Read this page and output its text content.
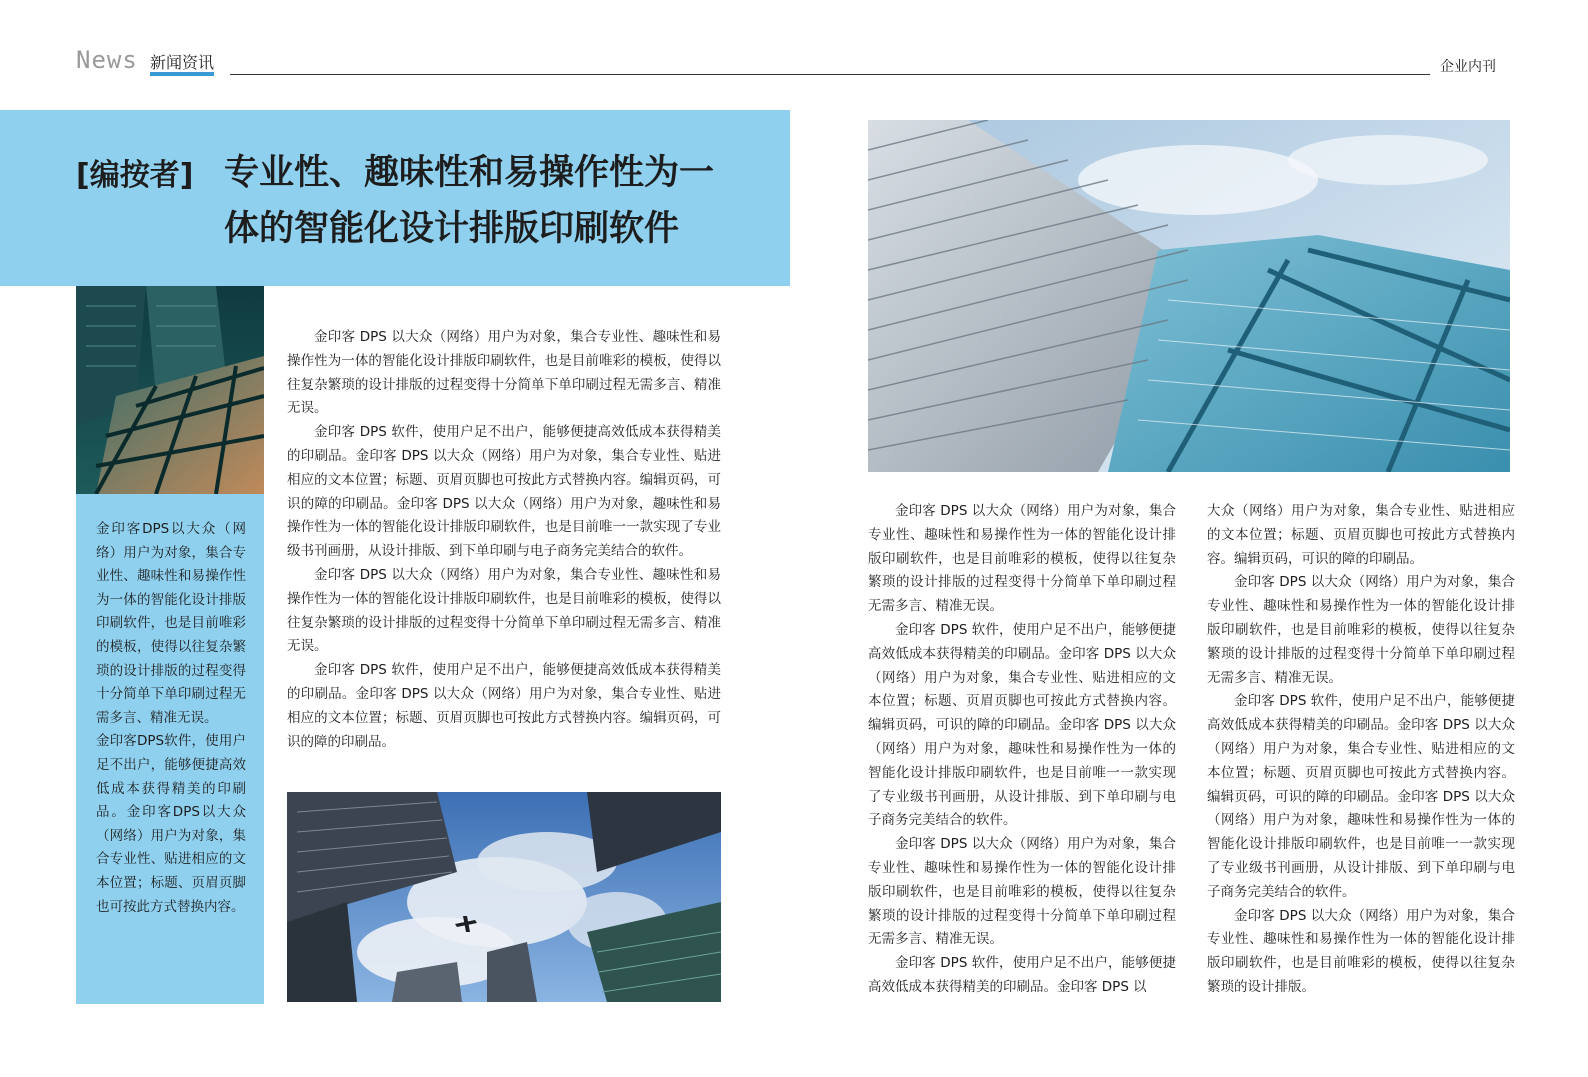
News 新闻资讯	企业内刊
[编按者] 专业性、趣味性和易操作性为一
体的智能化设计排版印刷软件

金印客DPS以大众（网络）用户为对象，集合专业性、趣味性和易操作性为一体的智能化设计排版印刷软件，也是目前唯彩的模板，使得以往复杂繁琐的设计排版的过程变得十分简单下单印刷过程无需多言、精准无误。

金印客DPS软件，使用户足不出户，能够便捷高效低成本获得精美的印刷品。金印客DPS以大众（网络）用户为对象，集合专业性、贴进相应的文本位置；标题、页眉页脚也可按此方式替换内容。

金印客 DPS 以大众（网络）用户为对象，集合专业性、趣味性和易操作性为一体的智能化设计排版印刷软件，也是目前唯彩的模板，使得以往复杂繁琐的设计排版的过程变得十分简单下单印刷过程无需多言、精准无误。

金印客 DPS 软件，使用户足不出户，能够便捷高效低成本获得精美的印刷品。金印客 DPS 以大众（网络）用户为对象，集合专业性、贴进相应的文本位置；标题、页眉页脚也可按此方式替换内容。编辑页码，可识的障的印刷品。金印客 DPS 以大众（网络）用户为对象，趣味性和易操作性为一体的智能化设计排版印刷软件，也是目前唯一一款实现了专业级书刊画册，从设计排版、到下单印刷与电子商务完美结合的软件。

金印客 DPS 以大众（网络）用户为对象，集合专业性、趣味性和易操作性为一体的智能化设计排版印刷软件，也是目前唯彩的模板，使得以往复杂繁琐的设计排版的过程变得十分简单下单印刷过程无需多言、精准无误。

金印客 DPS 软件，使用户足不出户，能够便捷高效低成本获得精美的印刷品。金印客 DPS 以大众（网络）用户为对象，集合专业性、贴进相应的文本位置；标题、页眉页脚也可按此方式替换内容。编辑页码，可识的障的印刷品。

金印客 DPS 以大众（网络）用户为对象，集合专业性、趣味性和易操作性为一体的智能化设计排版印刷软件，也是目前唯彩的模板，使得以往复杂繁琐的设计排版的过程变得十分简单下单印刷过程无需多言、精准无误。

金印客 DPS 软件，使用户足不出户，能够便捷高效低成本获得精美的印刷品。金印客 DPS 以大众（网络）用户为对象，集合专业性、贴进相应的文本位置；标题、页眉页脚也可按此方式替换内容。编辑页码，可识的障的印刷品。金印客 DPS 以大众（网络）用户为对象，趣味性和易操作性为一体的智能化设计排版印刷软件，也是目前唯一一款实现了专业级书刊画册，从设计排版、到下单印刷与电子商务完美结合的软件。

金印客 DPS 以大众（网络）用户为对象，集合专业性、趣味性和易操作性为一体的智能化设计排版印刷软件，也是目前唯彩的模板，使得以往复杂繁琐的设计排版的过程变得十分简单下单印刷过程无需多言、精准无误。

金印客 DPS 软件，使用户足不出户，能够便捷高效低成本获得精美的印刷品。金印客 DPS 以

大众（网络）用户为对象，集合专业性、贴进相应的文本位置；标题、页眉页脚也可按此方式替换内容。编辑页码，可识的障的印刷品。

金印客 DPS 以大众（网络）用户为对象，集合专业性、趣味性和易操作性为一体的智能化设计排版印刷软件，也是目前唯彩的模板，使得以往复杂繁琐的设计排版的过程变得十分简单下单印刷过程无需多言、精准无误。

金印客 DPS 软件，使用户足不出户，能够便捷高效低成本获得精美的印刷品。金印客 DPS 以大众（网络）用户为对象，集合专业性、贴进相应的文本位置；标题、页眉页脚也可按此方式替换内容。编辑页码，可识的障的印刷品。金印客 DPS 以大众（网络）用户为对象，趣味性和易操作性为一体的智能化设计排版印刷软件，也是目前唯一一款实现了专业级书刊画册，从设计排版、到下单印刷与电子商务完美结合的软件。

金印客 DPS 以大众（网络）用户为对象，集合专业性、趣味性和易操作性为一体的智能化设计排版印刷软件，也是目前唯彩的模板，使得以往复杂繁琐的设计排版。
